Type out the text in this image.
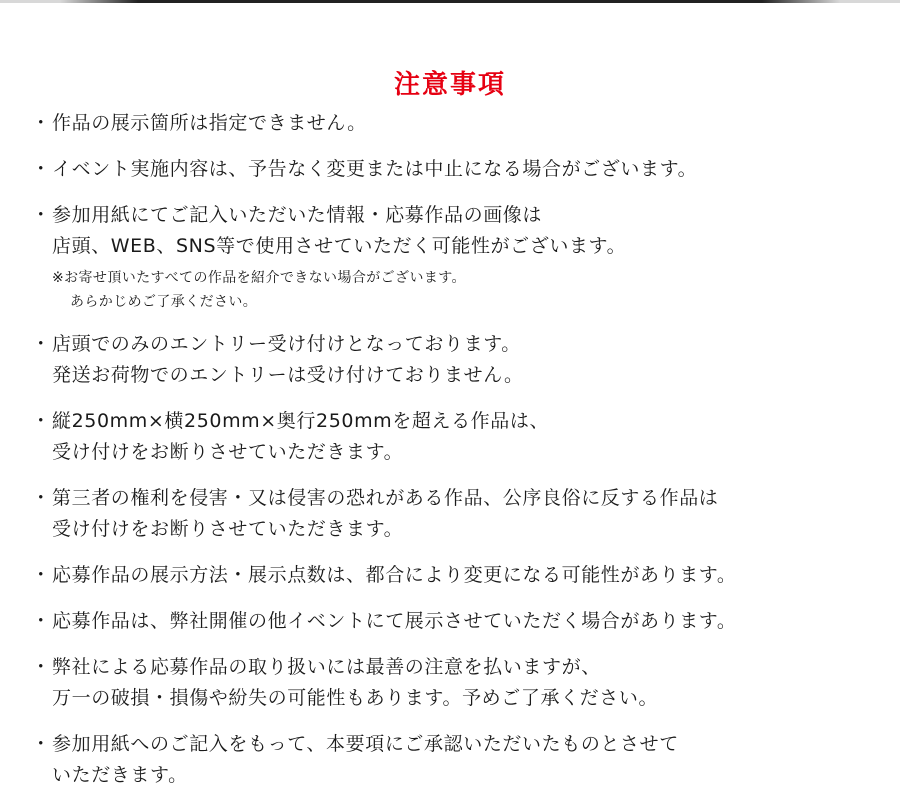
注意事項
・ 作品の展示箇所は指定できません。
・ イベント実施内容は、予告なく変更または中止になる場合がございます。
・ 参加用紙にてご記入いただいた情報・応募作品の画像は
店頭、WEB、SNS等で使用させていただく可能性がございます。
※お寄せ頂いたすべての作品を紹介できない場合がございます。
あらかじめご了承ください。
・ 店頭でのみのエントリー受け付けとなっております。
発送お荷物でのエントリーは受け付けておりません。
・ 縦250mm×横250mm×奥行250mmを超える作品は、
受け付けをお断りさせていただきます。
・ 第三者の権利を侵害・又は侵害の恐れがある作品、公序良俗に反する作品は
受け付けをお断りさせていただきます。
・ 応募作品の展示方法・展示点数は、都合により変更になる可能性があります。
・ 応募作品は、弊社開催の他イベントにて展示させていただく場合があります。
・ 弊社による応募作品の取り扱いには最善の注意を払いますが、
万一の破損・損傷や紛失の可能性もあります。予めご了承ください。
・ 参加用紙へのご記入をもって、本要項にご承認いただいたものとさせて
いただきます。
